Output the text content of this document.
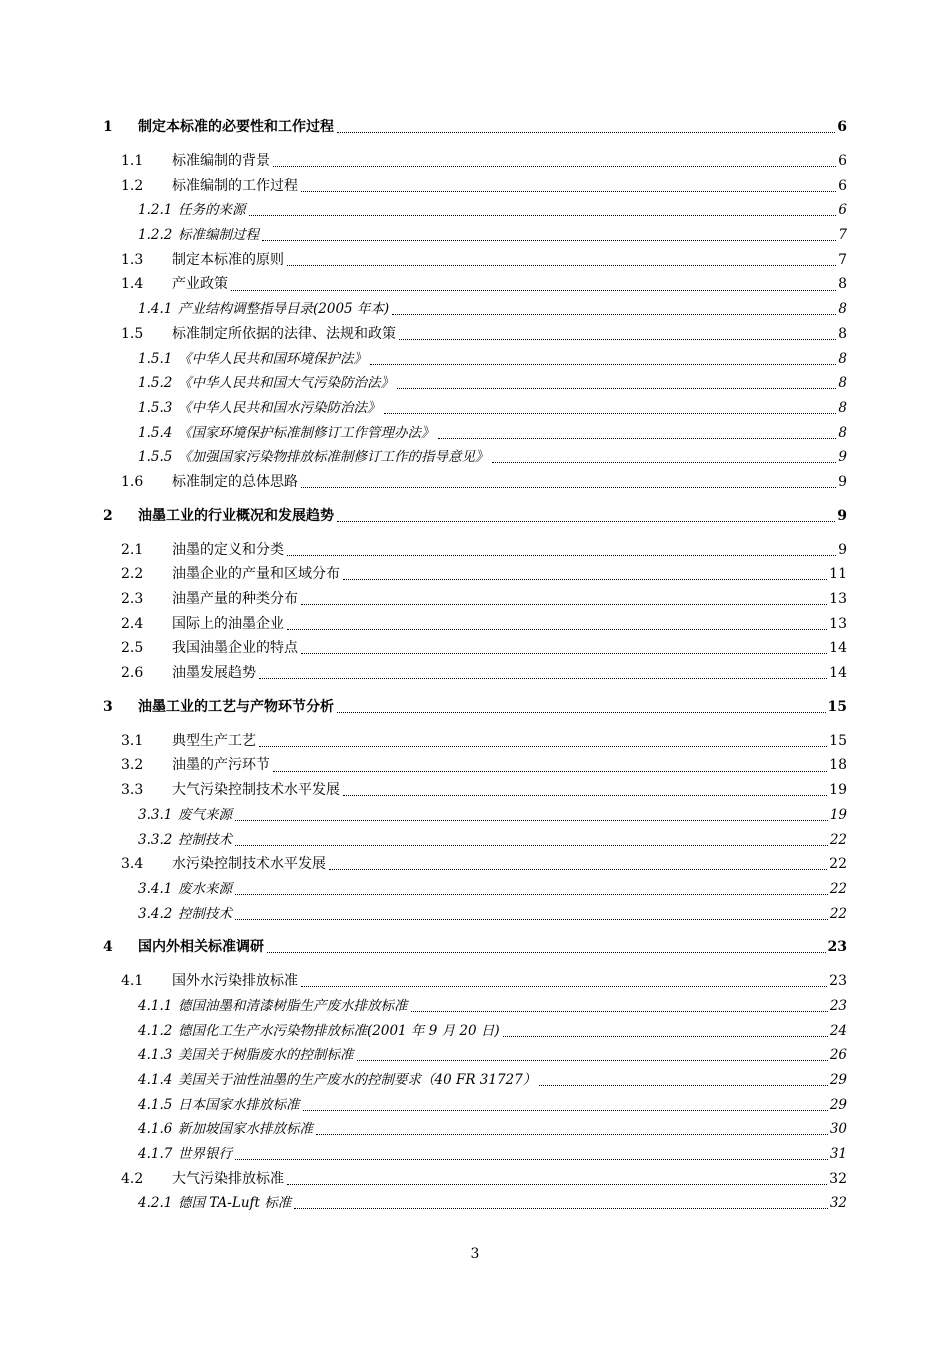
1	制定本标准的必要性和工作过程	6
1.1	标准编制的背景	6
1.2	标准编制的工作过程	6
1.2.1 任务的来源	6
1.2.2 标准编制过程	7
1.3	制定本标准的原则	7
1.4	产业政策	8
1.4.1 产业结构调整指导目录(2005 年本)	8
1.5	标准制定所依据的法律、法规和政策	8
1.5.1 《中华人民共和国环境保护法》	8
1.5.2 《中华人民共和国大气污染防治法》	8
1.5.3 《中华人民共和国水污染防治法》	8
1.5.4 《国家环境保护标准制修订工作管理办法》	8
1.5.5 《加强国家污染物排放标准制修订工作的指导意见》	9
1.6	标准制定的总体思路	9
2	油墨工业的行业概况和发展趋势	9
2.1	油墨的定义和分类	9
2.2	油墨企业的产量和区域分布	11
2.3	油墨产量的种类分布	13
2.4	国际上的油墨企业	13
2.5	我国油墨企业的特点	14
2.6	油墨发展趋势	14
3	油墨工业的工艺与产物环节分析	15
3.1	典型生产工艺	15
3.2	油墨的产污环节	18
3.3	大气污染控制技术水平发展	19
3.3.1 废气来源	19
3.3.2 控制技术	22
3.4	水污染控制技术水平发展	22
3.4.1 废水来源	22
3.4.2 控制技术	22
4	国内外相关标准调研	23
4.1	国外水污染排放标准	23
4.1.1 德国油墨和清漆树脂生产废水排放标准	23
4.1.2 德国化工生产水污染物排放标准(2001 年 9 月 20 日)	24
4.1.3 美国关于树脂废水的控制标准	26
4.1.4 美国关于油性油墨的生产废水的控制要求（40 FR 31727）	29
4.1.5 日本国家水排放标准	29
4.1.6 新加坡国家水排放标准	30
4.1.7 世界银行	31
4.2	大气污染排放标准	32
4.2.1 德国 TA-Luft 标准	32
3
